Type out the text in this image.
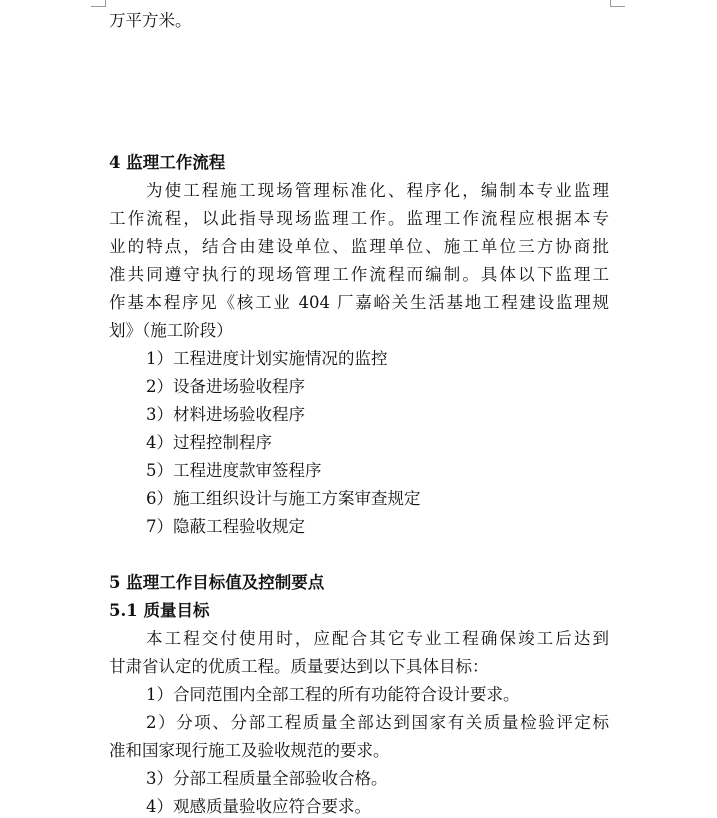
万平方米。
4 监理工作流程
为使工程施工现场管理标准化、程序化，编制本专业监理
工作流程，以此指导现场监理工作。监理工作流程应根据本专
业的特点，结合由建设单位、监理单位、施工单位三方协商批
准共同遵守执行的现场管理工作流程而编制。具体以下监理工
作基本程序见《核工业 404 厂嘉峪关生活基地工程建设监理规
划》（施工阶段）
1）工程进度计划实施情况的监控
2）设备进场验收程序
3）材料进场验收程序
4）过程控制程序
5）工程进度款审签程序
6）施工组织设计与施工方案审查规定
7）隐蔽工程验收规定
5 监理工作目标值及控制要点
5.1 质量目标
本工程交付使用时，应配合其它专业工程确保竣工后达到
甘肃省认定的优质工程。质量要达到以下具体目标：
1）合同范围内全部工程的所有功能符合设计要求。
2）分项、分部工程质量全部达到国家有关质量检验评定标
准和国家现行施工及验收规范的要求。
3）分部工程质量全部验收合格。
4）观感质量验收应符合要求。
